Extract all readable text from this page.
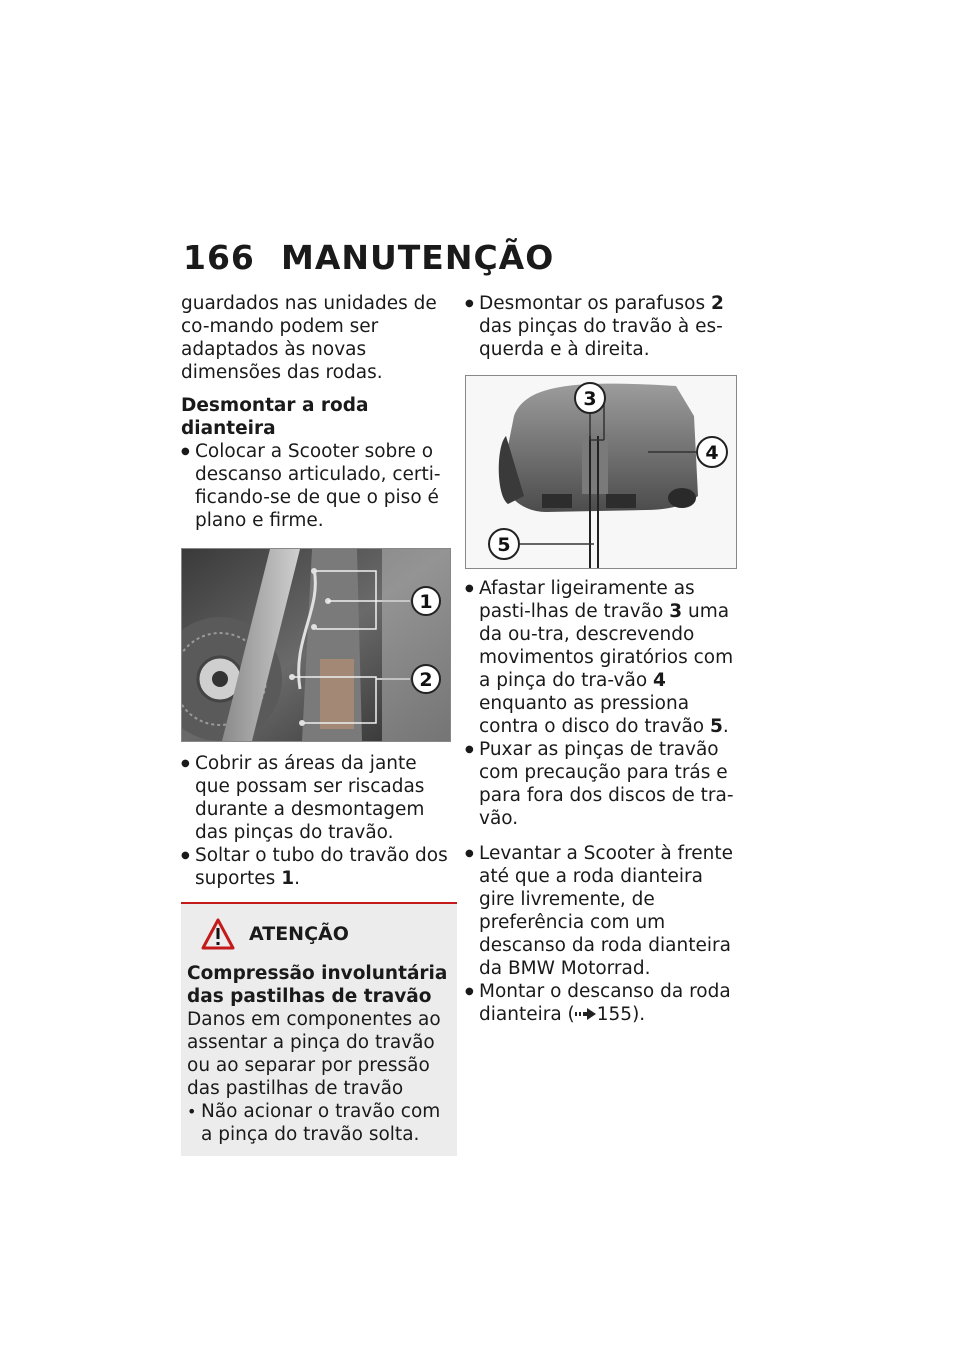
166 MANUTENÇÃO

guardados nas unidades de co-mando podem ser adaptados às novas dimensões das rodas.

Desmontar a roda dianteira

● Colocar a Scooter sobre o descanso articulado, certi-ficando-se de que o piso é plano e firme.

1
2

● Cobrir as áreas da jante que possam ser riscadas durante a desmontagem das pinças do travão.

● Soltar o tubo do travão dos suportes 1.

ATENÇÃO

Compressão involuntária das pastilhas de travão

Danos em componentes ao assentar a pinça do travão ou ao separar por pressão das pastilhas de travão

• Não acionar o travão com a pinça do travão solta.

● Desmontar os parafusos 2 das pinças do travão à es-querda e à direita.

3
4
5

● Afastar ligeiramente as pasti-lhas de travão 3 uma da ou-tra, descrevendo movimentos giratórios com a pinça do tra-vão 4 enquanto as pressiona contra o disco do travão 5.

● Puxar as pinças de travão com precaução para trás e para fora dos discos de tra-vão.

● Levantar a Scooter à frente até que a roda dianteira gire livremente, de preferência com um descanso da roda dianteira da BMW Motorrad.

● Montar o descanso da roda dianteira ( 155).
